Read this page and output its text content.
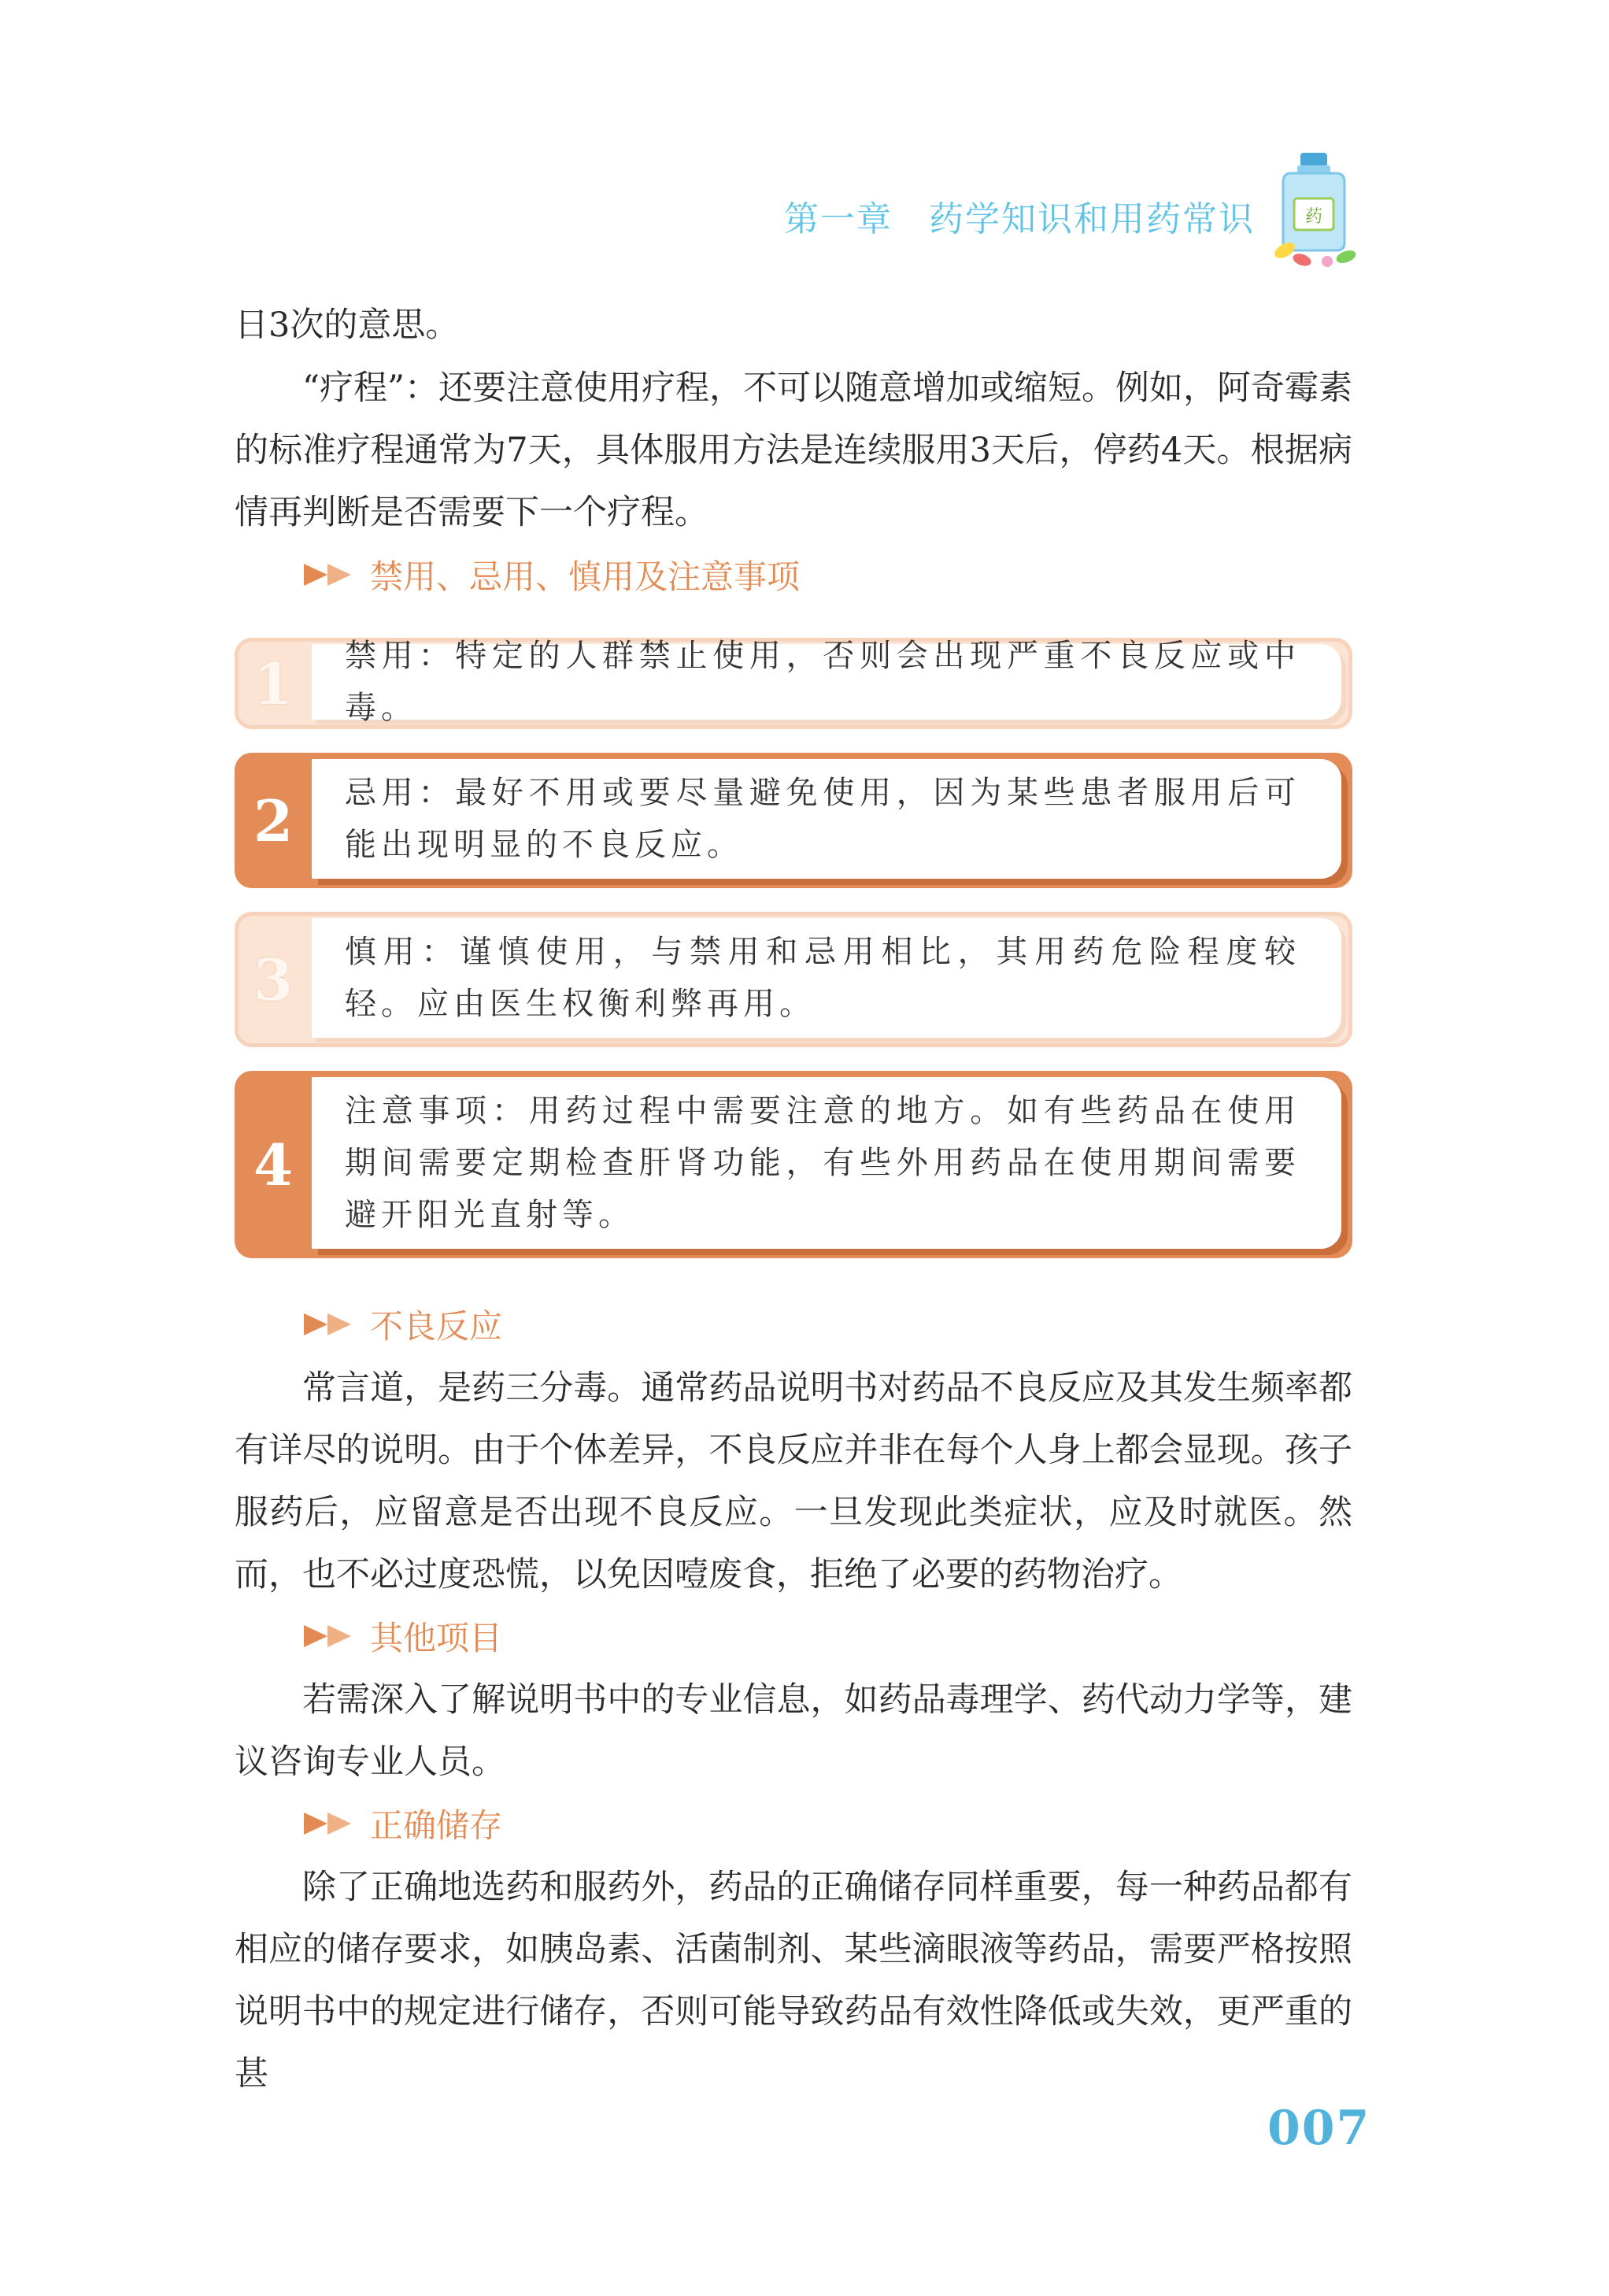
第一章　药学知识和用药常识	药

日3次的意思。

“疗程”：还要注意使用疗程，不可以随意增加或缩短。例如，阿奇霉素的标准疗程通常为7天，具体服用方法是连续服用3天后，停药4天。根据病情再判断是否需要下一个疗程。

禁用、忌用、慎用及注意事项
1	禁用：特定的人群禁止使用，否则会出现严重不良反应或中毒。
2	忌用：最好不用或要尽量避免使用，因为某些患者服用后可能出现明显的不良反应。
3	慎用：谨慎使用，与禁用和忌用相比，其用药危险程度较轻。应由医生权衡利弊再用。
4
注意事项：用药过程中需要注意的地方。如有些药品在使用期间需要定期检查肝肾功能，有些外用药品在使用期间需要避开阳光直射等。
不良反应

常言道，是药三分毒。通常药品说明书对药品不良反应及其发生频率都有详尽的说明。由于个体差异，不良反应并非在每个人身上都会显现。孩子服药后，应留意是否出现不良反应。一旦发现此类症状，应及时就医。然而，也不必过度恐慌，以免因噎废食，拒绝了必要的药物治疗。

其他项目

若需深入了解说明书中的专业信息，如药品毒理学、药代动力学等，建议咨询专业人员。

正确储存

除了正确地选药和服药外，药品的正确储存同样重要，每一种药品都有相应的储存要求，如胰岛素、活菌制剂、某些滴眼液等药品，需要严格按照说明书中的规定进行储存，否则可能导致药品有效性降低或失效，更严重的甚

007
